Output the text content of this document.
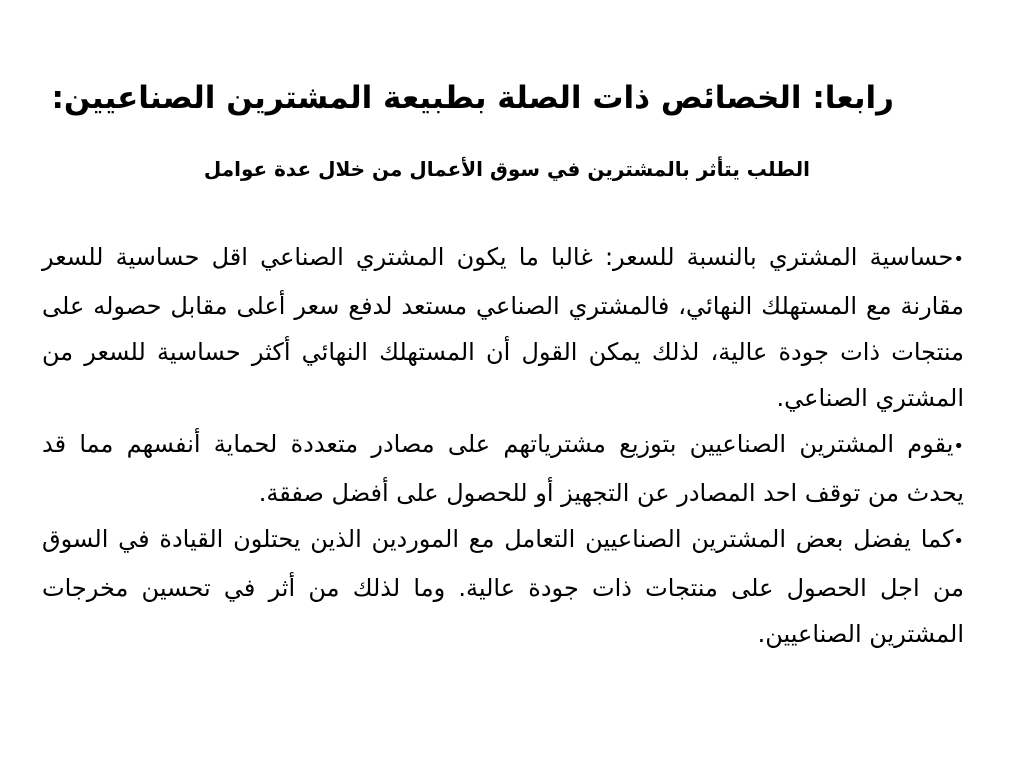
رابعا: الخصائص ذات الصلة بطبيعة المشترين الصناعيين:
الطلب يتأثر بالمشترين في سوق الأعمال من خلال عدة عوامل

•حساسية المشتري بالنسبة للسعر: غالبا ما يكون المشتري الصناعي اقل حساسية للسعر مقارنة مع المستهلك النهائي، فالمشتري الصناعي مستعد لدفع سعر أعلى مقابل حصوله على منتجات ذات جودة عالية، لذلك يمكن القول أن المستهلك النهائي أكثر حساسية للسعر من المشتري الصناعي.

•يقوم المشترين الصناعيين بتوزيع مشترياتهم على مصادر متعددة لحماية أنفسهم مما قد يحدث من توقف احد المصادر عن التجهيز أو للحصول على أفضل صفقة.

•كما يفضل بعض المشترين الصناعيين التعامل مع الموردين الذين يحتلون القيادة في السوق من اجل الحصول على منتجات ذات جودة عالية. وما لذلك من أثر في تحسين مخرجات المشترين الصناعيين.
